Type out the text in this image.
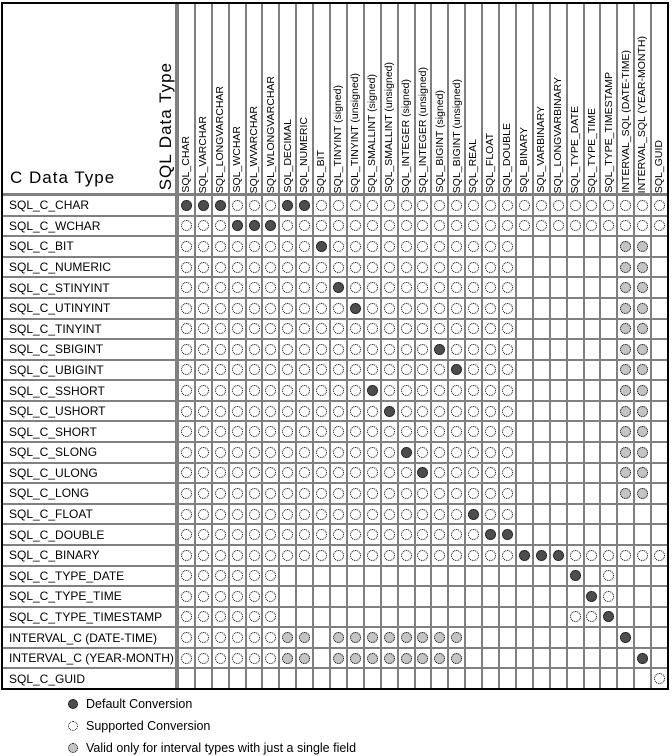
SQL Data Type
C Data Type	SQL_CHAR SQL_VARCHAR SQL_LONGVARCHAR SQL_WCHAR SQL_WVARCHAR SQL_WLONGVARCHAR SQL_DECIMAL SQL_NUMERIC SQL_BIT SQL_TINYINT (signed) SQL_TINYINT (unsigned) SQL_SMALLINT (signed) SQL_SMALLINT (unsigned) SQL_INTEGER (signed) SQL_INTEGER (unsigned) SQL_BIGINT (signed) SQL_BIGINT (unsigned) SQL_REAL SQL_FLOAT SQL_DOUBLE SQL_BINARY SQL_VARBINARY SQL_LONGVARBINARY SQL_TYPE_DATE SQL_TYPE_TIME SQL_TYPE_TIMESTAMP INTERVAL_SQL (DATE-TIME) INTERVAL_SQL (YEAR-MONTH) SQL_GUID
SQL_C_CHAR
SQL_C_WCHAR
SQL_C_BIT
SQL_C_NUMERIC
SQL_C_STINYINT
SQL_C_UTINYINT
SQL_C_TINYINT
SQL_C_SBIGINT
SQL_C_UBIGINT
SQL_C_SSHORT
SQL_C_USHORT
SQL_C_SHORT
SQL_C_SLONG
SQL_C_ULONG
SQL_C_LONG
SQL_C_FLOAT
SQL_C_DOUBLE
SQL_C_BINARY
SQL_C_TYPE_DATE
SQL_C_TYPE_TIME
SQL_C_TYPE_TIMESTAMP
INTERVAL_C (DATE-TIME)
INTERVAL_C (YEAR-MONTH)
SQL_C_GUID
Default Conversion
Supported Conversion
Valid only for interval types with just a single field
